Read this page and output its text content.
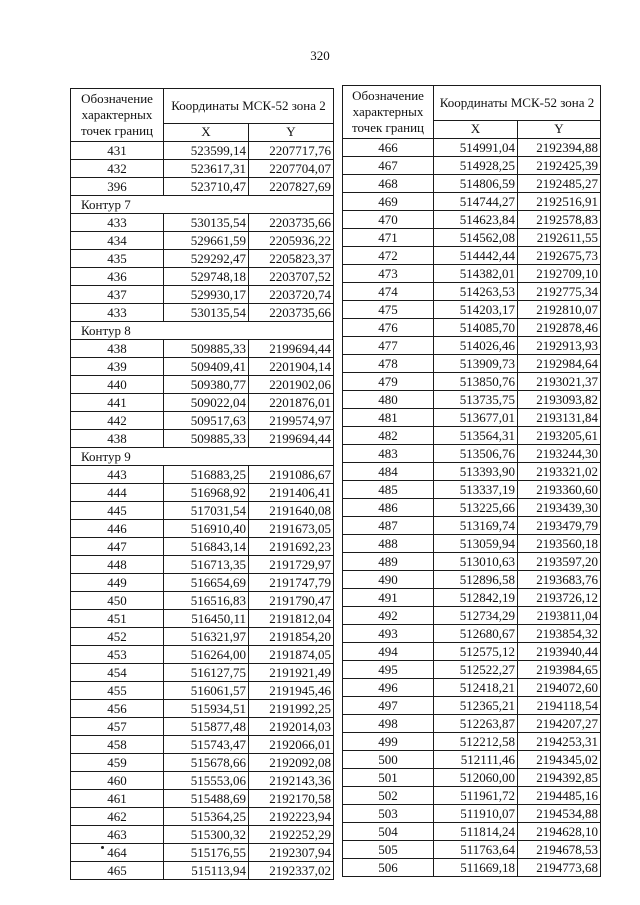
320
Обозначение характерных точек границ	Координаты МСК-52 зона 2	
	X	Y
431	523599,14	2207717,76
432	523617,31	2207704,07
396	523710,47	2207827,69
Контур 7		
433	530135,54	2203735,66
434	529661,59	2205936,22
435	529292,47	2205823,37
436	529748,18	2203707,52
437	529930,17	2203720,74
433	530135,54	2203735,66
Контур 8		
438	509885,33	2199694,44
439	509409,41	2201904,14
440	509380,77	2201902,06
441	509022,04	2201876,01
442	509517,63	2199574,97
438	509885,33	2199694,44
Контур 9		
443	516883,25	2191086,67
444	516968,92	2191406,41
445	517031,54	2191640,08
446	516910,40	2191673,05
447	516843,14	2191692,23
448	516713,35	2191729,97
449	516654,69	2191747,79
450	516516,83	2191790,47
451	516450,11	2191812,04
452	516321,97	2191854,20
453	516264,00	2191874,05
454	516127,75	2191921,49
455	516061,57	2191945,46
456	515934,51	2191992,25
457	515877,48	2192014,03
458	515743,47	2192066,01
459	515678,66	2192092,08
460	515553,06	2192143,36
461	515488,69	2192170,58
462	515364,25	2192223,94
463	515300,32	2192252,29
464	515176,55	2192307,94
465	515113,94	2192337,02
Обозначение характерных точек границ	Координаты МСК-52 зона 2	
	X	Y
466	514991,04	2192394,88
467	514928,25	2192425,39
468	514806,59	2192485,27
469	514744,27	2192516,91
470	514623,84	2192578,83
471	514562,08	2192611,55
472	514442,44	2192675,73
473	514382,01	2192709,10
474	514263,53	2192775,34
475	514203,17	2192810,07
476	514085,70	2192878,46
477	514026,46	2192913,93
478	513909,73	2192984,64
479	513850,76	2193021,37
480	513735,75	2193093,82
481	513677,01	2193131,84
482	513564,31	2193205,61
483	513506,76	2193244,30
484	513393,90	2193321,02
485	513337,19	2193360,60
486	513225,66	2193439,30
487	513169,74	2193479,79
488	513059,94	2193560,18
489	513010,63	2193597,20
490	512896,58	2193683,76
491	512842,19	2193726,12
492	512734,29	2193811,04
493	512680,67	2193854,32
494	512575,12	2193940,44
495	512522,27	2193984,65
496	512418,21	2194072,60
497	512365,21	2194118,54
498	512263,87	2194207,27
499	512212,58	2194253,31
500	512111,46	2194345,02
501	512060,00	2194392,85
502	511961,72	2194485,16
503	511910,07	2194534,88
504	511814,24	2194628,10
505	511763,64	2194678,53
506	511669,18	2194773,68
